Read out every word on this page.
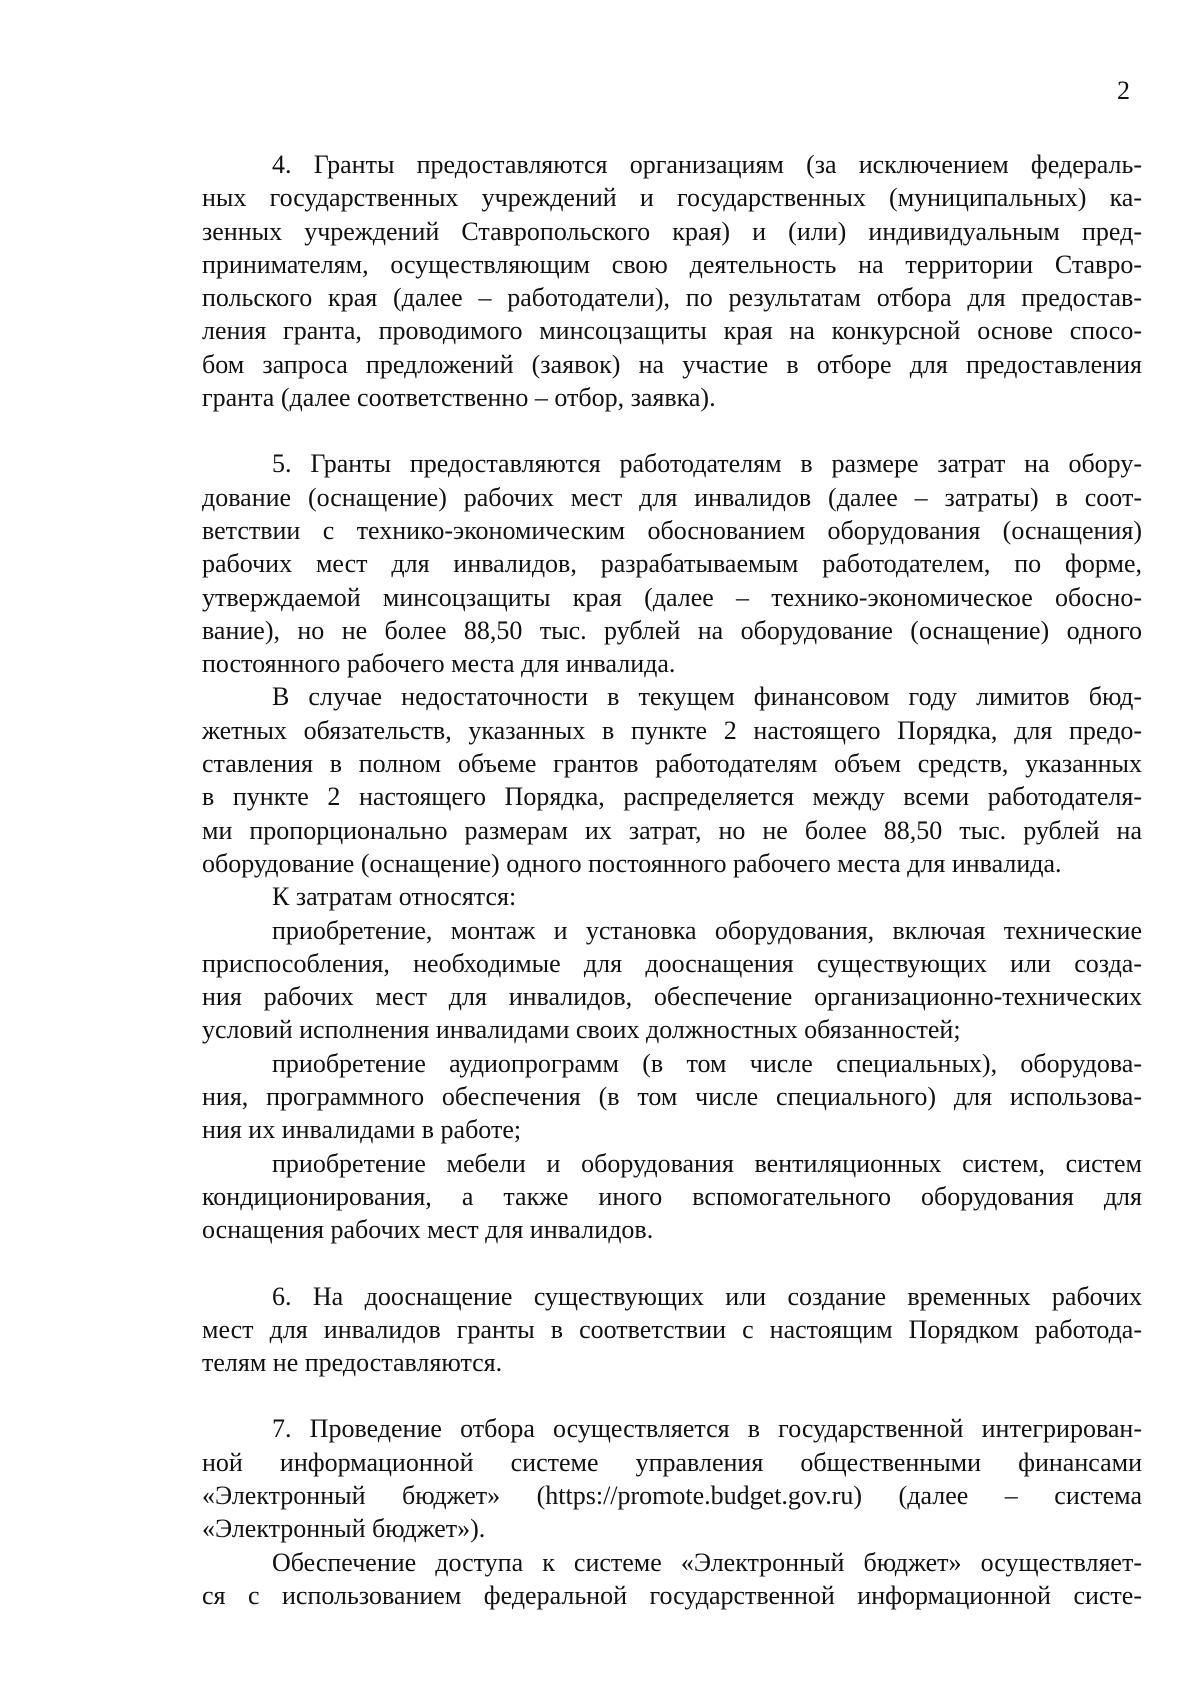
2
4. Гранты предоставляются организациям (за исключением федераль-
ных государственных учреждений и государственных (муниципальных) ка-
зенных учреждений Ставропольского края) и (или) индивидуальным пред-
принимателям, осуществляющим свою деятельность на территории Ставро-
польского края (далее – работодатели), по результатам отбора для предостав-
ления гранта, проводимого минсоцзащиты края на конкурсной основе спосо-
бом запроса предложений (заявок) на участие в отборе для предоставления
гранта (далее соответственно – отбор, заявка).
5. Гранты предоставляются работодателям в размере затрат на обору-
дование (оснащение) рабочих мест для инвалидов (далее – затраты) в соот-
ветствии с технико-экономическим обоснованием оборудования (оснащения)
рабочих мест для инвалидов, разрабатываемым работодателем, по форме,
утверждаемой минсоцзащиты края (далее – технико-экономическое обосно-
вание), но не более 88,50 тыс. рублей на оборудование (оснащение) одного
постоянного рабочего места для инвалида.
В случае недостаточности в текущем финансовом году лимитов бюд-
жетных обязательств, указанных в пункте 2 настоящего Порядка, для предо-
ставления в полном объеме грантов работодателям объем средств, указанных
в пункте 2 настоящего Порядка, распределяется между всеми работодателя-
ми пропорционально размерам их затрат, но не более 88,50 тыс. рублей на
оборудование (оснащение) одного постоянного рабочего места для инвалида.
К затратам относятся:
приобретение, монтаж и установка оборудования, включая технические
приспособления, необходимые для дооснащения существующих или созда-
ния рабочих мест для инвалидов, обеспечение организационно-технических
условий исполнения инвалидами своих должностных обязанностей;
приобретение аудиопрограмм (в том числе специальных), оборудова-
ния, программного обеспечения (в том числе специального) для использова-
ния их инвалидами в работе;
приобретение мебели и оборудования вентиляционных систем, систем
кондиционирования, а также иного вспомогательного оборудования для
оснащения рабочих мест для инвалидов.
6. На дооснащение существующих или создание временных рабочих
мест для инвалидов гранты в соответствии с настоящим Порядком работода-
телям не предоставляются.
7. Проведение отбора осуществляется в государственной интегрирован-
ной информационной системе управления общественными финансами
«Электронный бюджет» (https://promote.budget.gov.ru) (далее – система
«Электронный бюджет»).
Обеспечение доступа к системе «Электронный бюджет» осуществляет-
ся с использованием федеральной государственной информационной систе-
